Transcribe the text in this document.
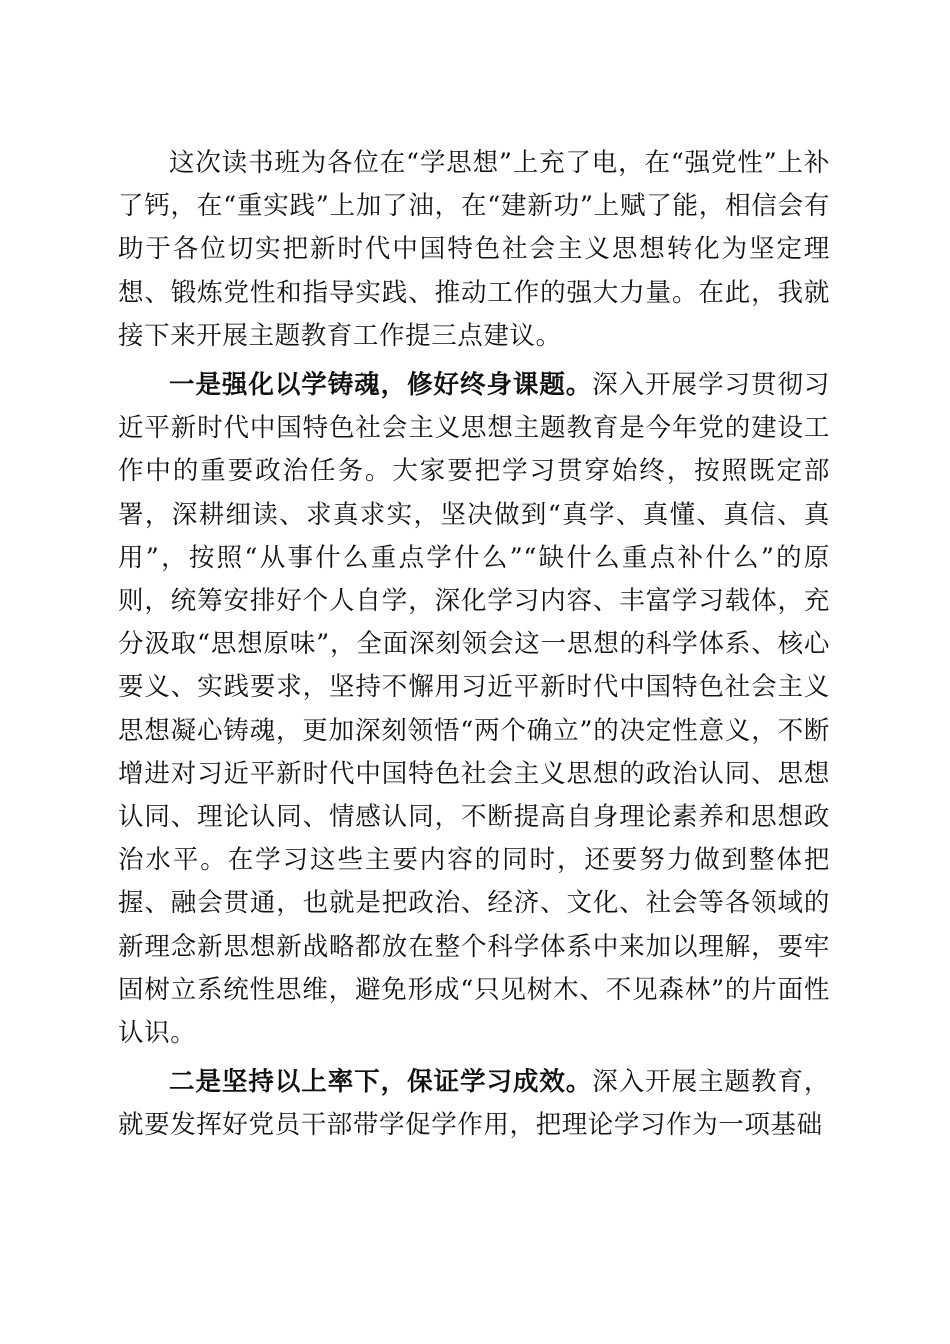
这次读书班为各位在“学思想”上充了电，在“强党性”上补了钙，在“重实践”上加了油，在“建新功”上赋了能，相信会有助于各位切实把新时代中国特色社会主义思想转化为坚定理想、锻炼党性和指导实践、推动工作的强大力量。在此，我就接下来开展主题教育工作提三点建议。

一是强化以学铸魂，修好终身课题。深入开展学习贯彻习近平新时代中国特色社会主义思想主题教育是今年党的建设工作中的重要政治任务。大家要把学习贯穿始终，按照既定部署，深耕细读、求真求实，坚决做到“真学、真懂、真信、真用”，按照“从事什么重点学什么”“缺什么重点补什么”的原则，统筹安排好个人自学，深化学习内容、丰富学习载体，充分汲取“思想原味”，全面深刻领会这一思想的科学体系、核心要义、实践要求，坚持不懈用习近平新时代中国特色社会主义思想凝心铸魂，更加深刻领悟“两个确立”的决定性意义，不断增进对习近平新时代中国特色社会主义思想的政治认同、思想认同、理论认同、情感认同，不断提高自身理论素养和思想政治水平。在学习这些主要内容的同时，还要努力做到整体把握、融会贯通，也就是把政治、经济、文化、社会等各领域的新理念新思想新战略都放在整个科学体系中来加以理解，要牢固树立系统性思维，避免形成“只见树木、不见森林”的片面性认识。

二是坚持以上率下，保证学习成效。深入开展主题教育，就要发挥好党员干部带学促学作用，把理论学习作为一项基础
